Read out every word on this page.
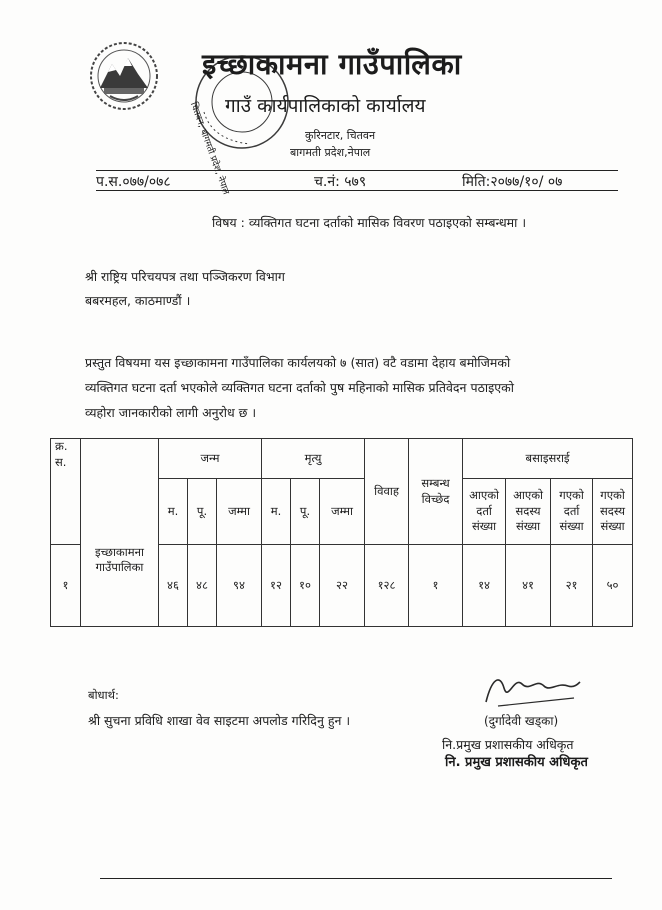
इच्छाकामना गाउँपालिका
गाउँ कार्यपालिकाको कार्यालय
कुरिनटार, चितवन
बागमती प्रदेश,नेपाल
चितवन, बागमती प्रदेश, नेपाल
प.स.०७७/०७८	च.नं: ५७९	मिति:२०७७/१०/ ०७
विषय : व्यक्तिगत घटना दर्ताको मासिक विवरण पठाइएको सम्बन्धमा ।
श्री राष्ट्रिय परिचयपत्र तथा पञ्जिकरण विभाग
बबरमहल, काठमाण्डौं ।
प्रस्तुत विषयमा यस इच्छाकामना गाउँपालिका कार्यलयको ७ (सात) वटै वडामा देहाय बमोजिमको
व्यक्तिगत घटना दर्ता भएकोले व्यक्तिगत घटना दर्ताको पुष महिनाको मासिक प्रतिवेदन पठाइएको
व्यहोरा जानकारीको लागी अनुरोध छ ।
क्र. स.		जन्म			मृत्यु			विवाह	सम्बन्ध विच्छेद	बसाइसराई			
		म.	पू.	जम्मा	म.	पू.	जम्मा			आएको दर्ता संख्या	आएको सदस्य संख्या	गएको दर्ता संख्या	गएको सदस्य संख्या
१	इच्छाकामना गाउँपालिका	४६	४८	९४	१२	१०	२२	१२८	१	१४	४१	२१	५०
बोधार्थ:
श्री सुचना प्रविधि शाखा वेव साइटमा अपलोड गरिदिनु हुन ।	(दुर्गादेवी खड्का)
नि.प्रमुख प्रशासकीय अधिकृत
नि. प्रमुख प्रशासकीय अधिकृत
